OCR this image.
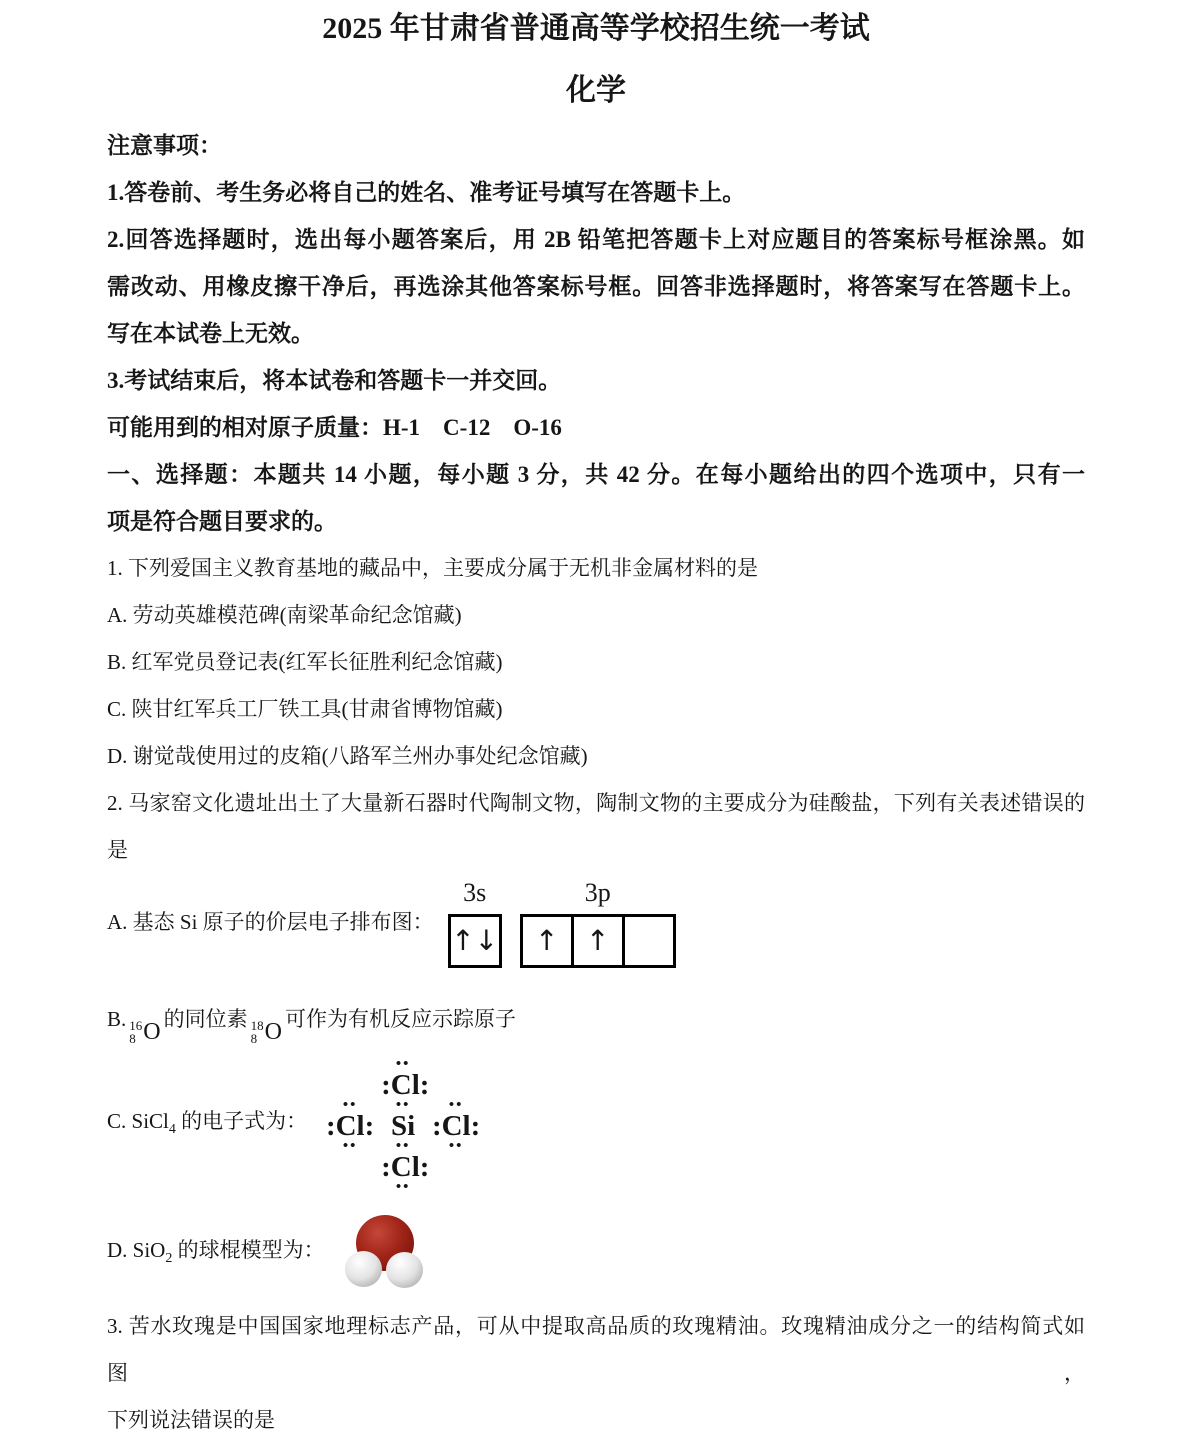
2025 年甘肃省普通高等学校招生统一考试
化学

注意事项：

1.答卷前、考生务必将自己的姓名、准考证号填写在答题卡上。

2.回答选择题时，选出每小题答案后，用 2B 铅笔把答题卡上对应题目的答案标号框涂黑。如

需改动、用橡皮擦干净后，再选涂其他答案标号框。回答非选择题时，将答案写在答题卡上。

写在本试卷上无效。

3.考试结束后，将本试卷和答题卡一并交回。

可能用到的相对原子质量：H-1　C-12　O-16

一、选择题：本题共 14 小题，每小题 3 分，共 42 分。在每小题给出的四个选项中，只有一

项是符合题目要求的。

1. 下列爱国主义教育基地的藏品中，主要成分属于无机非金属材料的是

A. 劳动英雄模范碑(南梁革命纪念馆藏)

B. 红军党员登记表(红军长征胜利纪念馆藏)

C. 陕甘红军兵工厂铁工具(甘肃省博物馆藏)

D. 谢觉哉使用过的皮箱(八路军兰州办事处纪念馆藏)

2. 马家窑文化遗址出土了大量新石器时代陶制文物，陶制文物的主要成分为硅酸盐，下列有关表述错误的

是

A. 基态 Si 原子的价层电子排布图：
3s	3p
↑↓ ↑ ↑

B. 16
8 O 的同位素 18
8 O 可作为有机反应示踪原子

C. SiCl$_4$ 的电子式为：
••
:Cl:
••	••	••
:Cl: Si :Cl:
••	••	••
:Cl:
••
D. SiO$_2$ 的球棍模型为：

3. 苦水玫瑰是中国国家地理标志产品，可从中提取高品质的玫瑰精油。玫瑰精油成分之一的结构简式如图，

下列说法错误的是
